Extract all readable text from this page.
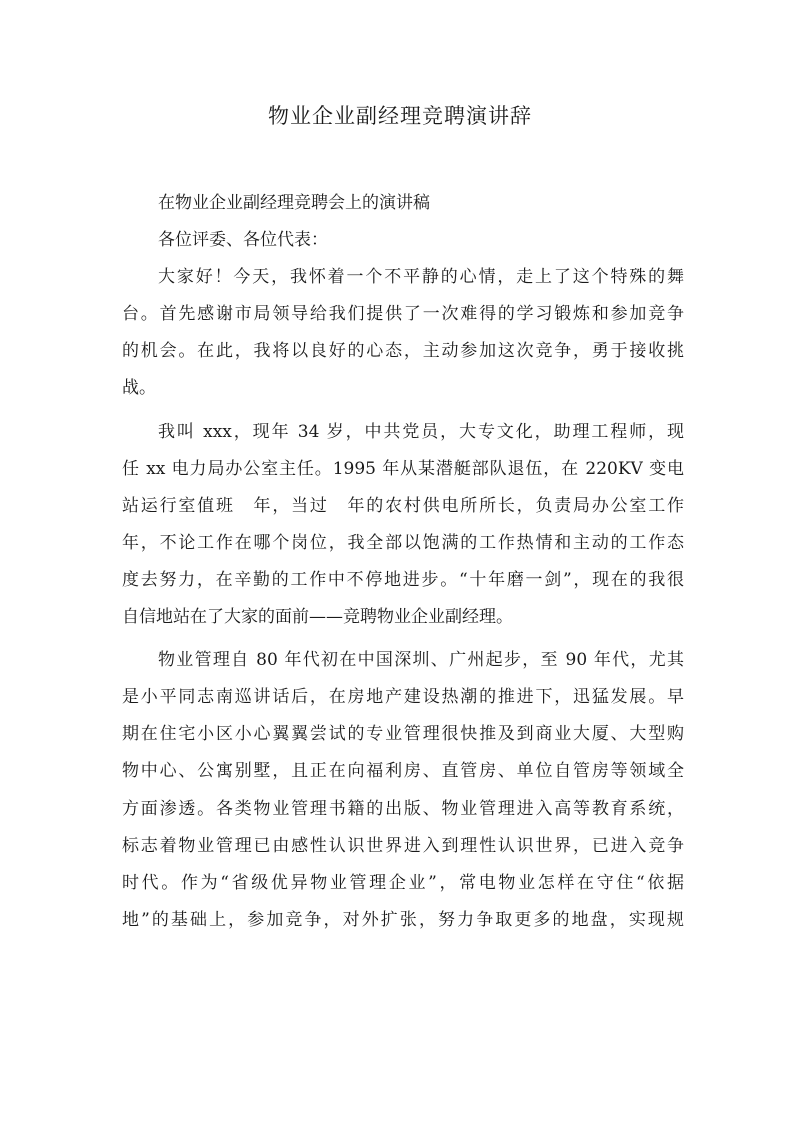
物业企业副经理竞聘演讲辞

在物业企业副经理竞聘会上的演讲稿

各位评委、各位代表：

大家好！今天，我怀着一个不平静的心情，走上了这个特殊的舞
台。首先感谢市局领导给我们提供了一次难得的学习锻炼和参加竞争
的机会。在此，我将以良好的心态，主动参加这次竞争，勇于接收挑
战。
我叫 xxx，现年 34 岁，中共党员，大专文化，助理工程师，现
任 xx 电力局办公室主任。1995 年从某潜艇部队退伍，在 220KV 变电
站运行室值班　年，当过　年的农村供电所所长，负责局办公室工作
年，不论工作在哪个岗位，我全部以饱满的工作热情和主动的工作态
度去努力，在辛勤的工作中不停地进步。“十年磨一剑”，现在的我很
自信地站在了大家的面前——竞聘物业企业副经理。
物业管理自 80 年代初在中国深圳、广州起步，至 90 年代，尤其
是小平同志南巡讲话后，在房地产建设热潮的推进下，迅猛发展。早
期在住宅小区小心翼翼尝试的专业管理很快推及到商业大厦、大型购
物中心、公寓别墅，且正在向福利房、直管房、单位自管房等领域全
方面渗透。各类物业管理书籍的出版、物业管理进入高等教育系统，
标志着物业管理已由感性认识世界进入到理性认识世界，已进入竞争
时代。作为“省级优异物业管理企业”，常电物业怎样在守住“依据
地”的基础上，参加竞争，对外扩张，努力争取更多的地盘，实现规
